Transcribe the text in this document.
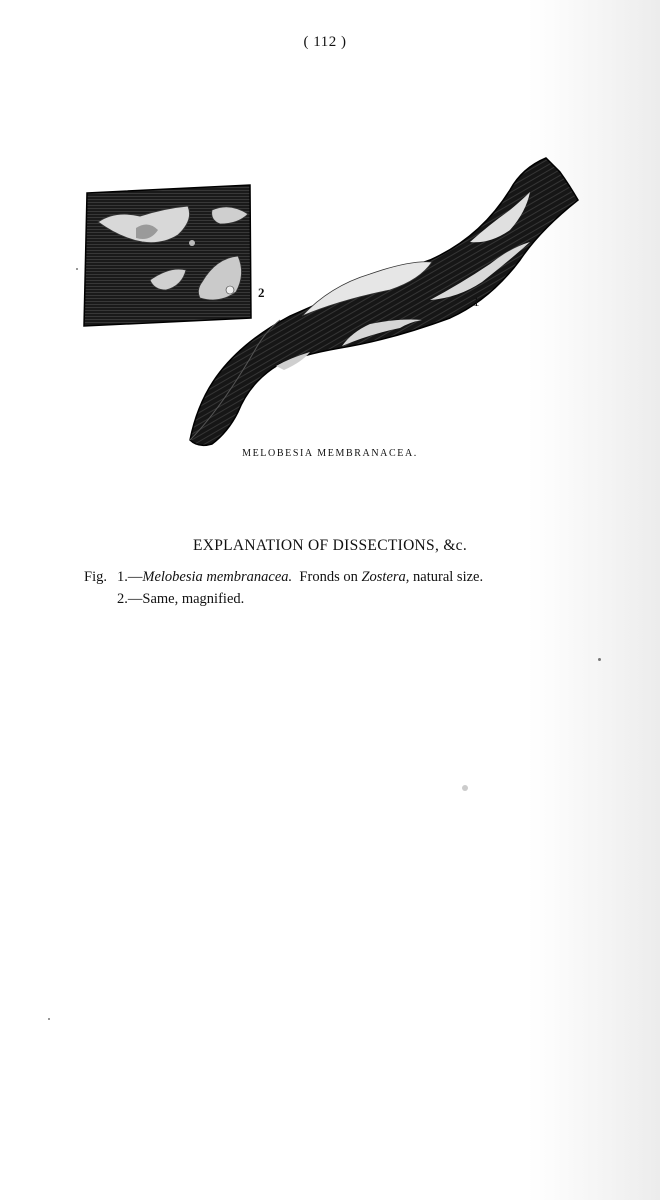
( 112 )
2
1
MELOBESIA MEMBRANACEA.
EXPLANATION OF DISSECTIONS, &c.
Fig. 1.—Melobesia membranacea. Fronds on Zostera, natural size.
2.—Same, magnified.
